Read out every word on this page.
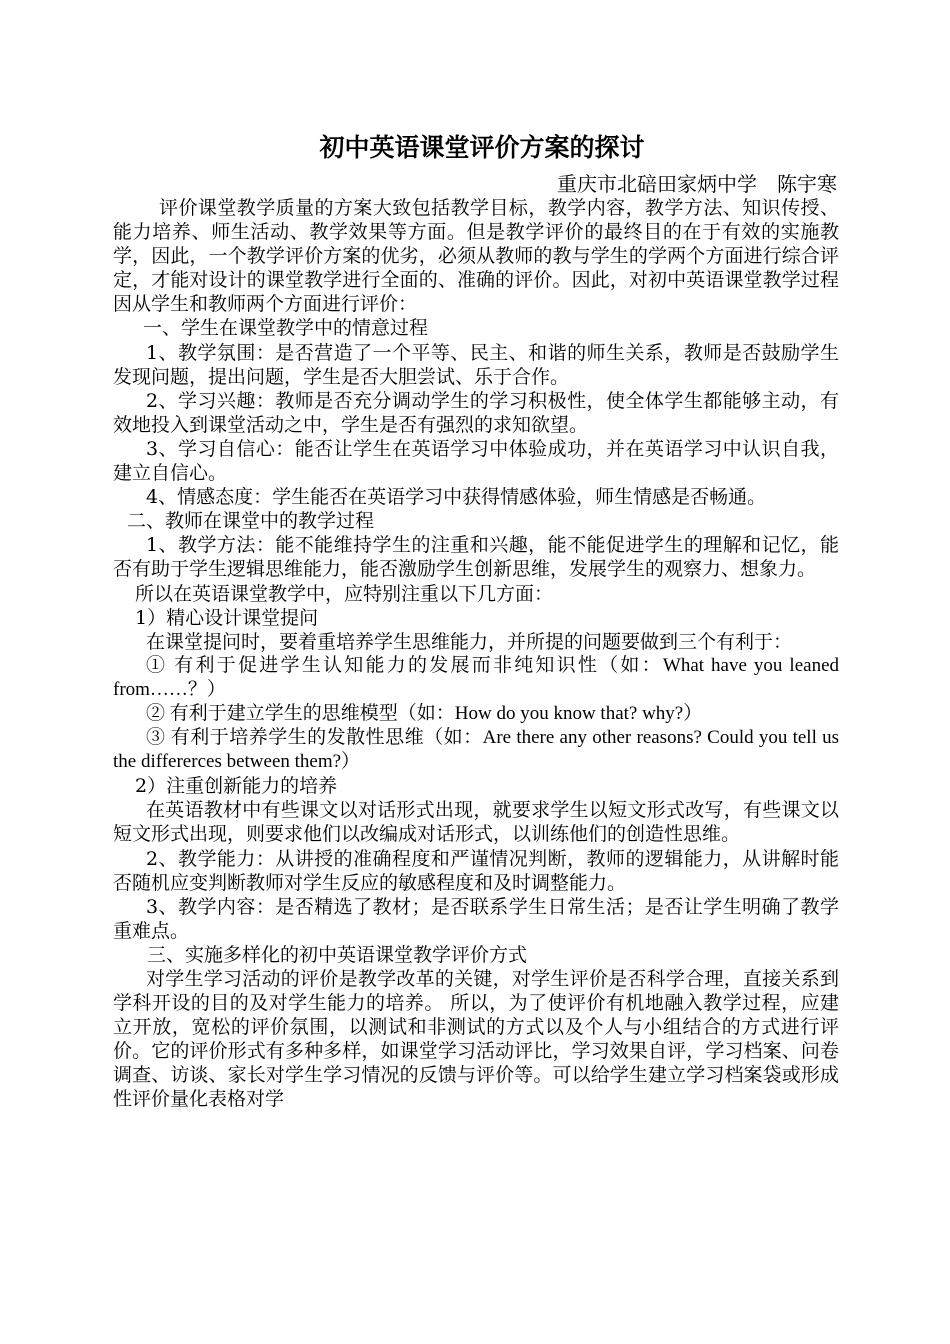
初中英语课堂评价方案的探讨

重庆市北碚田家炳中学　陈宇寒

评价课堂教学质量的方案大致包括教学目标，教学内容，教学方法、知识传授、能力培养、师生活动、教学效果等方面。但是教学评价的最终目的在于有效的实施教学，因此，一个教学评价方案的优劣，必须从教师的教与学生的学两个方面进行综合评定，才能对设计的课堂教学进行全面的、准确的评价。因此，对初中英语课堂教学过程因从学生和教师两个方面进行评价：

一、学生在课堂教学中的情意过程

1、教学氛围：是否营造了一个平等、民主、和谐的师生关系，教师是否鼓励学生发现问题，提出问题，学生是否大胆尝试、乐于合作。

2、学习兴趣：教师是否充分调动学生的学习积极性，使全体学生都能够主动，有效地投入到课堂活动之中，学生是否有强烈的求知欲望。

3、学习自信心：能否让学生在英语学习中体验成功，并在英语学习中认识自我，建立自信心。

4、情感态度：学生能否在英语学习中获得情感体验，师生情感是否畅通。

二、教师在课堂中的教学过程

1、教学方法：能不能维持学生的注重和兴趣，能不能促进学生的理解和记忆，能否有助于学生逻辑思维能力，能否激励学生创新思维，发展学生的观察力、想象力。

所以在英语课堂教学中，应特别注重以下几方面：

1）精心设计课堂提问

在课堂提问时，要着重培养学生思维能力，并所提的问题要做到三个有利于：

① 有利于促进学生认知能力的发展而非纯知识性（如：What have you leaned from……？）

② 有利于建立学生的思维模型（如：How do you know that? why?）

③ 有利于培养学生的发散性思维（如：Are there any other reasons? Could you tell us the differerces between them?）

2）注重创新能力的培养

在英语教材中有些课文以对话形式出现，就要求学生以短文形式改写，有些课文以短文形式出现，则要求他们以改编成对话形式，以训练他们的创造性思维。

2、教学能力：从讲授的准确程度和严谨情况判断，教师的逻辑能力，从讲解时能否随机应变判断教师对学生反应的敏感程度和及时调整能力。

3、教学内容：是否精选了教材；是否联系学生日常生活；是否让学生明确了教学重难点。

三、实施多样化的初中英语课堂教学评价方式

对学生学习活动的评价是教学改革的关键，对学生评价是否科学合理，直接关系到学科开设的目的及对学生能力的培养。 所以，为了使评价有机地融入教学过程，应建立开放，宽松的评价氛围，以测试和非测试的方式以及个人与小组结合的方式进行评价。它的评价形式有多种多样，如课堂学习活动评比，学习效果自评，学习档案、问卷调查、访谈、家长对学生学习情况的反馈与评价等。可以给学生建立学习档案袋或形成性评价量化表格对学
